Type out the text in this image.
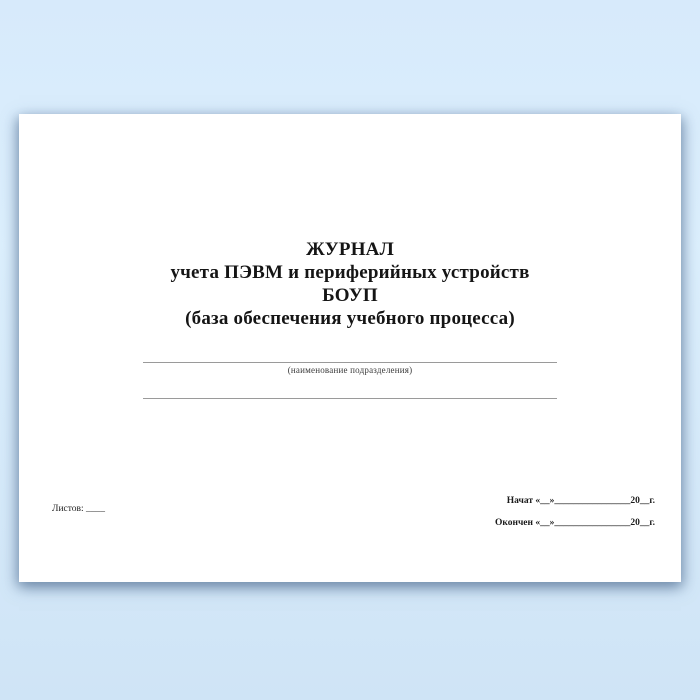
ЖУРНАЛ
учета ПЭВМ и периферийных устройств
БОУП
(база обеспечения учебного процесса)
(наименование подразделения)
Листов: ____
Начат «__»________________20__г.
Окончен «__»________________20__г.
